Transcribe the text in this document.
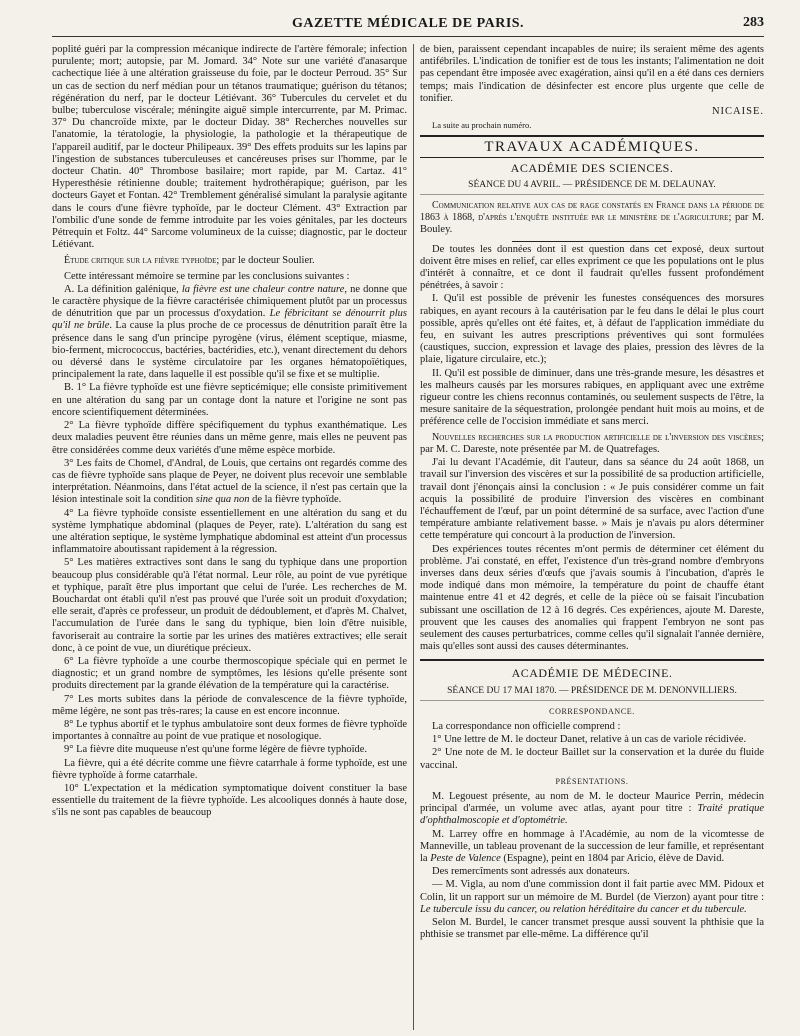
GAZETTE MÉDICALE DE PARIS.	283

poplité guéri par la compression mécanique indirecte de l'artère fémorale; infection purulente; mort; autopsie, par M. Jomard. 34° Note sur une variété d'anasarque cachectique liée à une altération graisseuse du foie, par le docteur Perroud. 35° Sur un cas de section du nerf médian pour un tétanos traumatique; guérison du tétanos; régénération du nerf, par le docteur Létiévant. 36° Tubercules du cervelet et du bulbe; tuberculose viscérale; méningite aiguë simple intercurrente, par M. Primac. 37° Du chancroïde mixte, par le docteur Diday. 38° Recherches nouvelles sur l'anatomie, la tératologie, la physiologie, la pathologie et la thérapeutique de l'appareil auditif, par le docteur Philipeaux. 39° Des effets produits sur les lapins par l'ingestion de substances tuberculeuses et cancéreuses prises sur l'homme, par le docteur Chatin. 40° Thrombose basilaire; mort rapide, par M. Cartaz. 41° Hyperesthésie rétinienne double; traitement hydrothérapique; guérison, par les docteurs Gayet et Fontan. 42° Tremblement généralisé simulant la paralysie agitante dans le cours d'une fièvre typhoïde, par le docteur Clément. 43° Extraction par l'ombilic d'une sonde de femme introduite par les voies génitales, par les docteurs Pétrequin et Foltz. 44° Sarcome volumineux de la cuisse; diagnostic, par le docteur Létiévant.

Étude critique sur la fièvre typhoïde; par le docteur Soulier.

Cette intéressant mémoire se termine par les conclusions suivantes :

A. La définition galénique, la fièvre est une chaleur contre nature, ne donne que le caractère physique de la fièvre caractérisée chimiquement plutôt par un processus de dénutrition que par un processus d'oxydation. Le fébricitant se dénourrit plus qu'il ne brûle. La cause la plus proche de ce processus de dénutrition paraît être la présence dans le sang d'un principe pyrogène (virus, élément sceptique, miasme, bio-ferment, micrococcus, bactéries, bactéridies, etc.), venant directement du dehors ou déversé dans le système circulatoire par les organes hématopoïétiques, principalement la rate, dans laquelle il est possible qu'il se fixe et se multiplie.

B. 1° La fièvre typhoïde est une fièvre septicémique; elle consiste primitivement en une altération du sang par un contage dont la nature et l'origine ne sont pas encore scientifiquement déterminées.

2° La fièvre typhoïde diffère spécifiquement du typhus exanthématique. Les deux maladies peuvent être réunies dans un même genre, mais elles ne peuvent pas être considérées comme deux variétés d'une même espèce morbide.

3° Les faits de Chomel, d'Andral, de Louis, que certains ont regardés comme des cas de fièvre typhoïde sans plaque de Peyer, ne doivent plus recevoir une semblable interprétation. Néanmoins, dans l'état actuel de la science, il n'est pas certain que la lésion intestinale soit la condition sine qua non de la fièvre typhoïde.

4° La fièvre typhoïde consiste essentiellement en une altération du sang et du système lymphatique abdominal (plaques de Peyer, rate). L'altération du sang est une altération septique, le système lymphatique abdominal est atteint d'un processus inflammatoire aboutissant rapidement à la régression.

5° Les matières extractives sont dans le sang du typhique dans une proportion beaucoup plus considérable qu'à l'état normal. Leur rôle, au point de vue pyrétique et typhique, paraît être plus important que celui de l'urée. Les recherches de M. Bouchardat ont établi qu'il n'est pas prouvé que l'urée soit un produit d'oxydation; elle serait, d'après ce professeur, un produit de dédoublement, et d'après M. Chalvet, l'accumulation de l'urée dans le sang du typhique, bien loin d'être nuisible, favoriserait au contraire la sortie par les urines des matières extractives; elle serait donc, à ce point de vue, un diurétique précieux.

6° La fièvre typhoïde a une courbe thermoscopique spéciale qui en permet le diagnostic; et un grand nombre de symptômes, les lésions qu'elle présente sont produits directement par la grande élévation de la température qui la caractérise.

7° Les morts subites dans la période de convalescence de la fièvre typhoïde, même légère, ne sont pas très-rares; la cause en est encore inconnue.

8° Le typhus abortif et le typhus ambulatoire sont deux formes de fièvre typhoïde importantes à connaître au point de vue pratique et nosologique.

9° La fièvre dite muqueuse n'est qu'une forme légère de fièvre typhoïde.

La fièvre, qui a été décrite comme une fièvre catarrhale à forme typhoïde, est une fièvre typhoïde à forme catarrhale.

10° L'expectation et la médication symptomatique doivent constituer la base essentielle du traitement de la fièvre typhoïde. Les alcooliques donnés à haute dose, s'ils ne sont pas capables de beaucoup

de bien, paraissent cependant incapables de nuire; ils seraient même des agents antifébriles. L'indication de tonifier est de tous les instants; l'alimentation ne doit pas cependant être imposée avec exagération, ainsi qu'il en a été dans ces derniers temps; mais l'indication de désinfecter est encore plus urgente que celle de tonifier.

NICAISE.

La suite au prochain numéro.

TRAVAUX ACADÉMIQUES.
ACADÉMIE DES SCIENCES.
SÉANCE DU 4 AVRIL. — PRÉSIDENCE DE M. DELAUNAY.

Communication relative aux cas de rage constatés en France dans la période de 1863 à 1868, d'après l'enquête instituée par le ministère de l'agriculture; par M. Bouley.

De toutes les données dont il est question dans cet exposé, deux surtout doivent être mises en relief, car elles expriment ce que les populations ont le plus d'intérêt à connaître, et ce dont il faudrait qu'elles fussent profondément pénétrées, à savoir :

I. Qu'il est possible de prévenir les funestes conséquences des morsures rabiques, en ayant recours à la cautérisation par le feu dans le délai le plus court possible, après qu'elles ont été faites, et, à défaut de l'application immédiate du feu, en suivant les autres prescriptions préventives qui sont formulées (caustiques, succion, expression et lavage des plaies, pression des lèvres de la plaie, ligature circulaire, etc.);

II. Qu'il est possible de diminuer, dans une très-grande mesure, les désastres et les malheurs causés par les morsures rabiques, en appliquant avec une extrême rigueur contre les chiens reconnus contaminés, ou seulement suspects de l'être, la mesure sanitaire de la séquestration, prolongée pendant huit mois au moins, et de préférence celle de l'occision immédiate et sans merci.

Nouvelles recherches sur la production artificielle de l'inversion des viscères; par M. C. Dareste, note présentée par M. de Quatrefages.

J'ai lu devant l'Académie, dit l'auteur, dans sa séance du 24 août 1868, un travail sur l'inversion des viscères et sur la possibilité de sa production artificielle, travail dont j'énonçais ainsi la conclusion : « Je puis considérer comme un fait acquis la possibilité de produire l'inversion des viscères en combinant l'échauffement de l'œuf, par un point déterminé de sa surface, avec l'action d'une température ambiante relativement basse. » Mais je n'avais pu alors déterminer cette température qui concourt à la production de l'inversion.

Des expériences toutes récentes m'ont permis de déterminer cet élément du problème. J'ai constaté, en effet, l'existence d'un très-grand nombre d'embryons inverses dans deux séries d'œufs que j'avais soumis à l'incubation, d'après le mode indiqué dans mon mémoire, la température du point de chauffe étant maintenue entre 41 et 42 degrés, et celle de la pièce où se faisait l'incubation subissant une oscillation de 12 à 16 degrés. Ces expériences, ajoute M. Dareste, prouvent que les causes des anomalies qui frappent l'embryon ne sont pas seulement des causes perturbatrices, comme celles qu'il signalait l'année dernière, mais qu'elles sont aussi des causes déterminantes.

ACADÉMIE DE MÉDECINE.
SÉANCE DU 17 MAI 1870. — PRÉSIDENCE DE M. DENONVILLIERS.
CORRESPONDANCE.

La correspondance non officielle comprend :

1° Une lettre de M. le docteur Danet, relative à un cas de variole récidivée.

2° Une note de M. le docteur Baillet sur la conservation et la durée du fluide vaccinal.

PRÉSENTATIONS.

M. Legouest présente, au nom de M. le docteur Maurice Perrin, médecin principal d'armée, un volume avec atlas, ayant pour titre : Traité pratique d'ophthalmoscopie et d'optométrie.

M. Larrey offre en hommage à l'Académie, au nom de la vicomtesse de Manneville, un tableau provenant de la succession de leur famille, et représentant la Peste de Valence (Espagne), peint en 1804 par Aricio, élève de David.

Des remercîments sont adressés aux donateurs.

— M. Vigla, au nom d'une commission dont il fait partie avec MM. Pidoux et Colin, lit un rapport sur un mémoire de M. Burdel (de Vierzon) ayant pour titre : Le tubercule issu du cancer, ou relation héréditaire du cancer et du tubercule.

Selon M. Burdel, le cancer transmet presque aussi souvent la phthisie que la phthisie se transmet par elle-même. La différence qu'il
